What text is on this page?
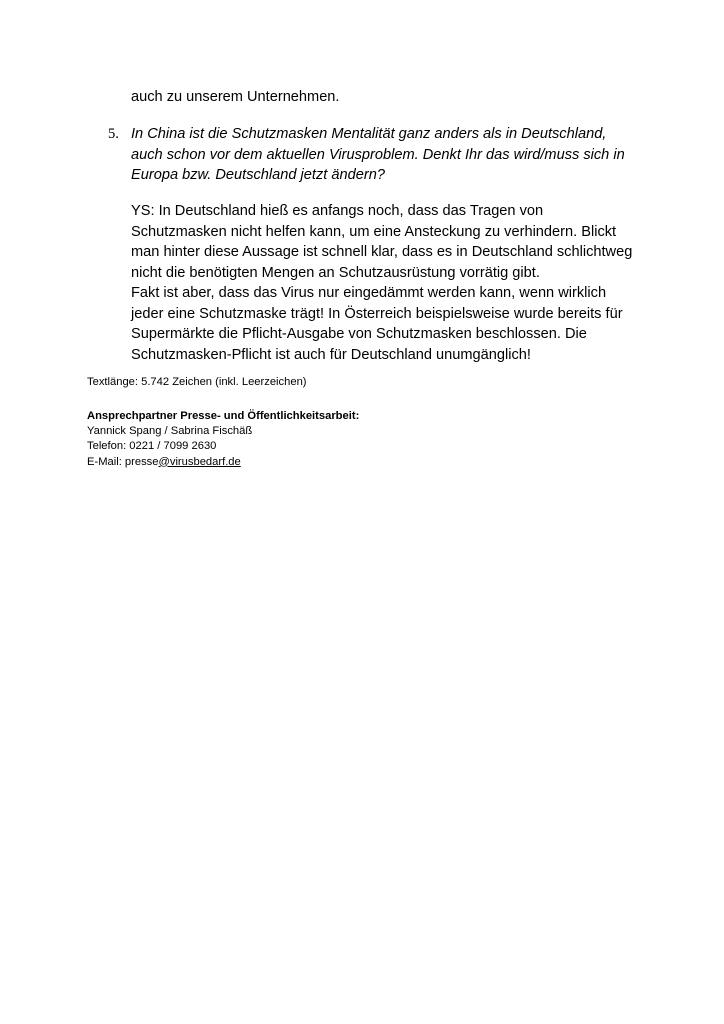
auch zu unserem Unternehmen.

5. In China ist die Schutzmasken Mentalität ganz anders als in Deutschland,
auch schon vor dem aktuellen Virusproblem. Denkt Ihr das wird/muss sich in
Europa bzw. Deutschland jetzt ändern?

YS: In Deutschland hieß es anfangs noch, dass das Tragen von
Schutzmasken nicht helfen kann, um eine Ansteckung zu verhindern. Blickt
man hinter diese Aussage ist schnell klar, dass es in Deutschland schlichtweg
nicht die benötigten Mengen an Schutzausrüstung vorrätig gibt.
Fakt ist aber, dass das Virus nur eingedämmt werden kann, wenn wirklich
jeder eine Schutzmaske trägt! In Österreich beispielsweise wurde bereits für
Supermärkte die Pflicht-Ausgabe von Schutzmasken beschlossen. Die
Schutzmasken-Pflicht ist auch für Deutschland unumgänglich!

Textlänge: 5.742 Zeichen (inkl. Leerzeichen)

Ansprechpartner Presse- und Öffentlichkeitsarbeit:
Yannick Spang / Sabrina Fischäß
Telefon: 0221 / 7099 2630
E-Mail: presse@virusbedarf.de
